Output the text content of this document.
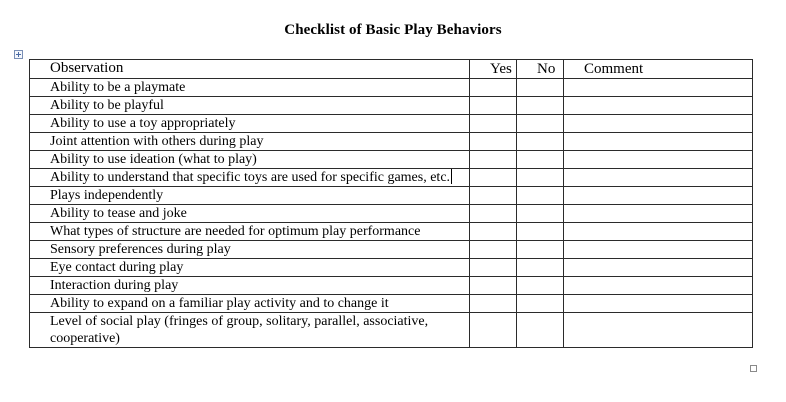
Checklist of Basic Play Behaviors
Observation	Yes	No	Comment
Ability to be a playmate			
Ability to be playful			
Ability to use a toy appropriately			
Joint attention with others during play			
Ability to use ideation (what to play)			
Ability to understand that specific toys are used for specific games, etc.			
Plays independently			
Ability to tease and joke			
What types of structure are needed for optimum play performance			
Sensory preferences during play			
Eye contact during play			
Interaction during play			
Ability to expand on a familiar play activity and to change it			
Level of social play (fringes of group, solitary, parallel, associative, cooperative)			
